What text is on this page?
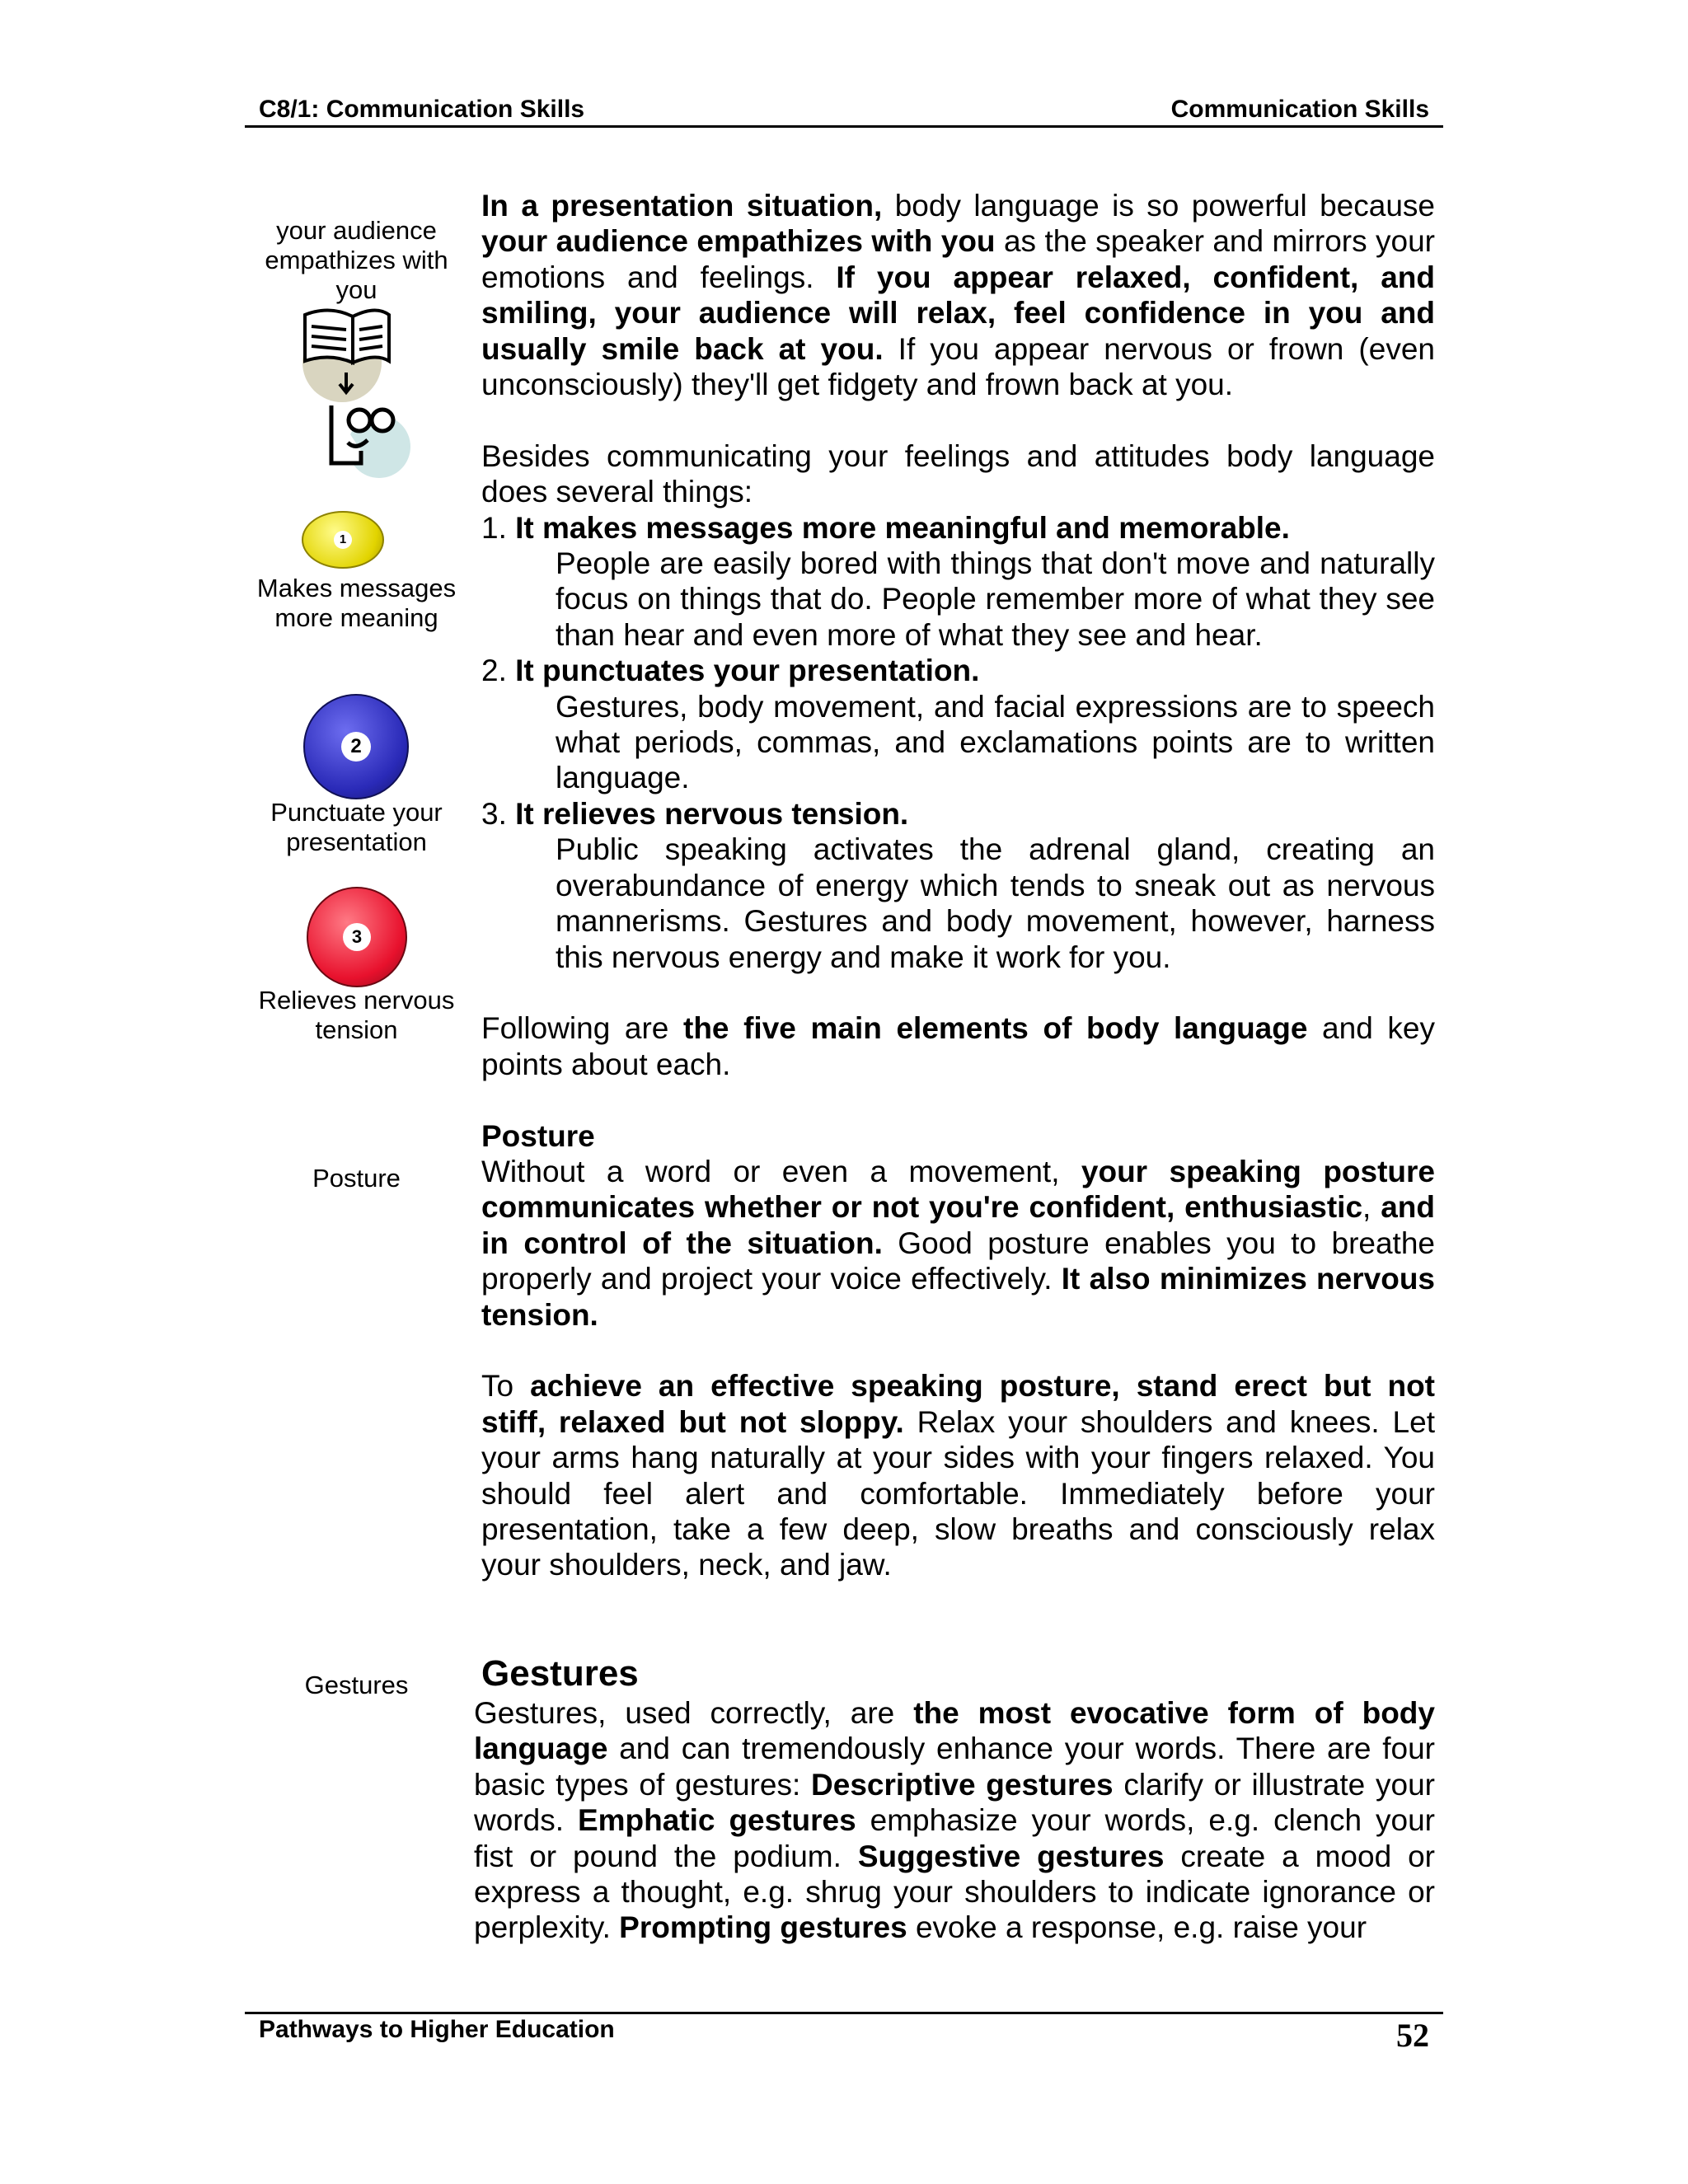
C8/1: Communication Skills	Communication Skills
your audience empathizes with you
1
Makes messages more meaning
2
Punctuate your presentation
3
Relieves nervous tension
Posture
Gestures

In a presentation situation, body language is so powerful because your audience empathizes with you as the speaker and mirrors your emotions and feelings. If you appear relaxed, confident, and smiling, your audience will relax, feel confidence in you and usually smile back at you. If you appear nervous or frown (even unconsciously) they'll get fidgety and frown back at you.

Besides communicating your feelings and attitudes body language does several things:

1. It makes messages more meaningful and memorable.

People are easily bored with things that don't move and naturally focus on things that do. People remember more of what they see than hear and even more of what they see and hear.

2. It punctuates your presentation.

Gestures, body movement, and facial expressions are to speech what periods, commas, and exclamations points are to written language.

3. It relieves nervous tension.

Public speaking activates the adrenal gland, creating an overabundance of energy which tends to sneak out as nervous mannerisms. Gestures and body movement, however, harness this nervous energy and make it work for you.

Following are the five main elements of body language and key points about each.

Posture

Without a word or even a movement, your speaking posture communicates whether or not you're confident, enthusiastic, and in control of the situation. Good posture enables you to breathe properly and project your voice effectively. It also minimizes nervous tension.

To achieve an effective speaking posture, stand erect but not stiff, relaxed but not sloppy. Relax your shoulders and knees. Let your arms hang naturally at your sides with your fingers relaxed. You should feel alert and comfortable. Immediately before your presentation, take a few deep, slow breaths and consciously relax your shoulders, neck, and jaw.

Gestures

Gestures, used correctly, are the most evocative form of body language and can tremendously enhance your words. There are four basic types of gestures: Descriptive gestures clarify or illustrate your words. Emphatic gestures emphasize your words, e.g. clench your fist or pound the podium. Suggestive gestures create a mood or express a thought, e.g. shrug your shoulders to indicate ignorance or perplexity. Prompting gestures evoke a response, e.g. raise your

Pathways to Higher Education	52
